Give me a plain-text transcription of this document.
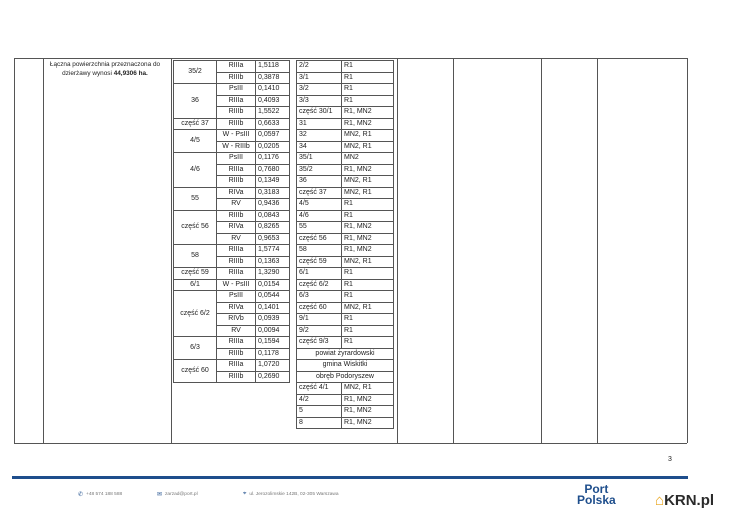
Łączna powierzchnia przeznaczona do dzierżawy wynosi 44,9306 ha.	35/2	RIIIa	1,5118
	RIIIb	0,3878
36	PsIII	0,1410
	RIIIa	0,4093
	RIIIb	1,5522
część 37	RIIIb	0,6633
4/5	W - PsIII	0,0597
	W - RIIIb	0,0205
4/6	PsIII	0,1176
	RIIIa	0,7680
	RIIIb	0,1349
55	RIVa	0,3183
	RV	0,9436
część 56	RIIIb	0,0843
	RIVa	0,8265
	RV	0,9653
58	RIIIa	1,5774
	RIIIb	0,1363
część 59	RIIIa	1,3290
6/1	W - PsIII	0,0154
część 6/2	PsIII	0,0544
	RIVa	0,1401
	RIVb	0,0939
	RV	0,0094
6/3	RIIIa	0,1594
	RIIIb	0,1178
część 60	RIIIa	1,0720
	RIIIb	0,2690
2/2	R1
3/1	R1
3/2	R1
3/3	R1
część 30/1	R1, MN2
31	R1, MN2
32	MN2, R1
34	MN2, R1
35/1	MN2
35/2	R1, MN2
36	MN2, R1
część 37	MN2, R1
4/5	R1
4/6	R1
55	R1, MN2
część 56	R1, MN2
58	R1, MN2
część 59	MN2, R1
6/1	R1
część 6/2	R1
6/3	R1
część 60	MN2, R1
9/1	R1
9/2	R1
część 9/3	R1
powiat żyrardowski	
gmina Wiskitki	
obręb Podoryszew	
część 4/1	MN2, R1
4/2	R1, MN2
5	R1, MN2
8	R1, MN2
3
✆ +48 574 188 588	✉ zarzad@port.pl	⌖ ul. Jerozolimskie 142B, 02-305 Warszawa	Port
Polska	⌂KRN.pl
